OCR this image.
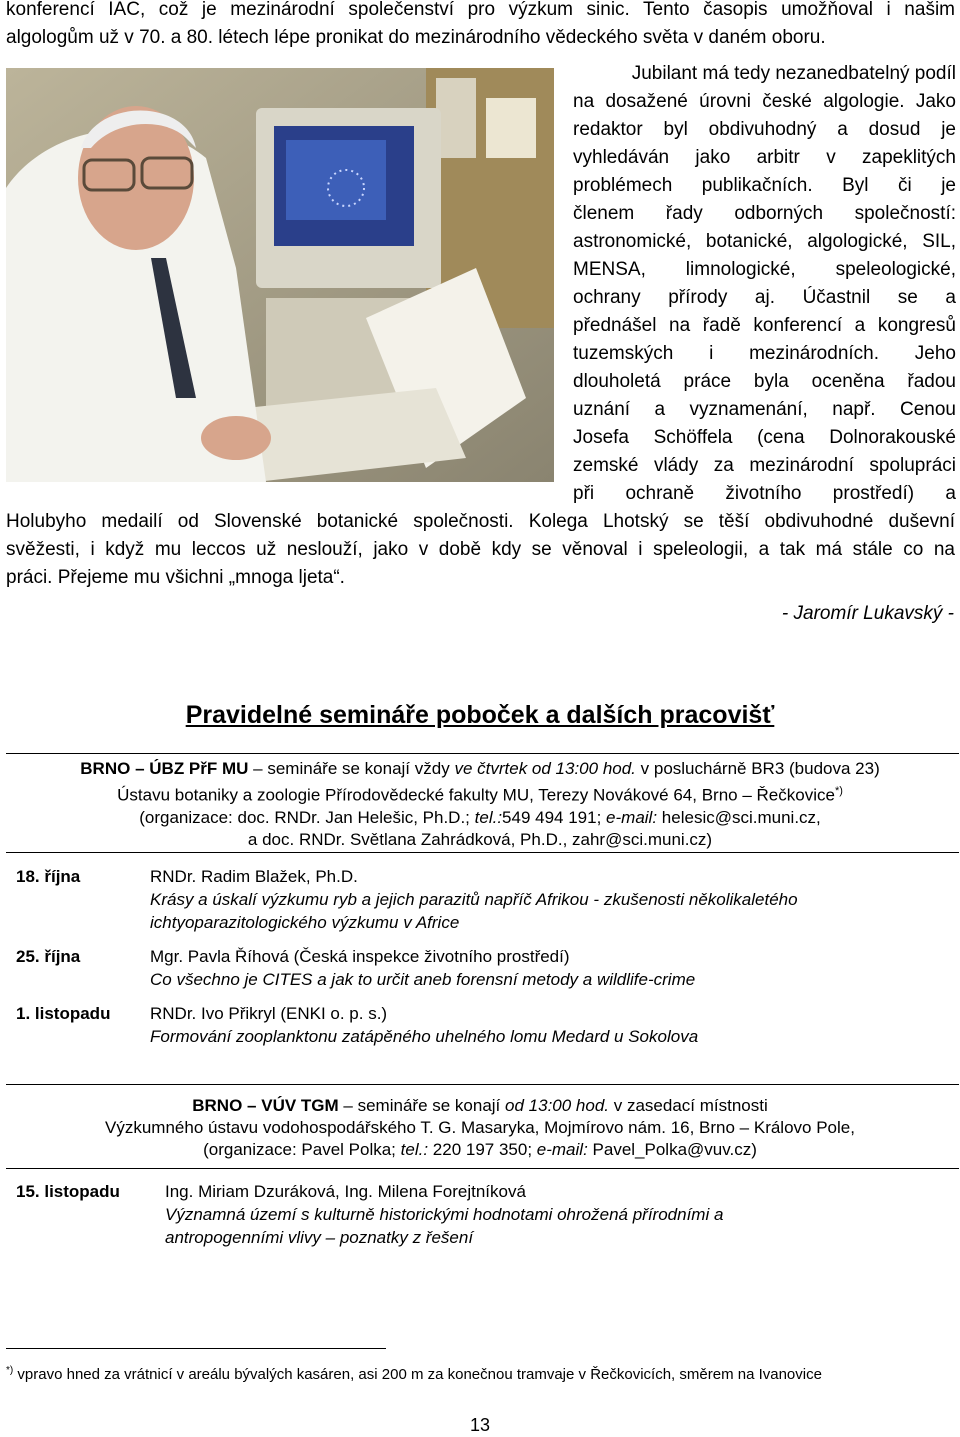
konferencí IAC, což je mezinárodní společenství pro výzkum sinic. Tento časopis umožňoval i našim

algologům už v 70. a 80. létech lépe pronikat do mezinárodního vědeckého světa v daném oboru.

Jubilant má tedy nezanedbatelný podíl

na dosažené úrovni české algologie. Jako

redaktor byl obdivuhodný a dosud je

vyhledáván jako arbitr v zapeklitých

problémech publikačních. Byl či je

členem řady odborných společností:

astronomické, botanické, algologické, SIL,

MENSA, limnologické, speleologické,

ochrany přírody aj. Účastnil se a

přednášel na řadě konferencí a kongresů

tuzemských i mezinárodních. Jeho

dlouholetá práce byla oceněna řadou

uznání a vyznamenání, např. Cenou

Josefa Schöffela (cena Dolnorakouské

zemské vlády za mezinárodní spolupráci

při ochraně životního prostředí) a

Holubyho medailí od Slovenské botanické společnosti. Kolega Lhotský se těší obdivuhodné duševní

svěžesti, i když mu leccos už neslouží, jako v době kdy se věnoval i speleologii, a tak má stále co na

práci. Přejeme mu všichni „mnoga ljeta“.

- Jaromír Lukavský -

Pravidelné semináře poboček a dalších pracovišť
BRNO – ÚBZ PřF MU – semináře se konají vždy ve čtvrtek od 13:00 hod. v posluchárně BR3 (budova 23)
Ústavu botaniky a zoologie Přírodovědecké fakulty MU, Terezy Novákové 64, Brno – Řečkovice*)
(organizace: doc. RNDr. Jan Helešic, Ph.D.; tel.:549 494 191; e-mail: helesic@sci.muni.cz,
a doc. RNDr. Světlana Zahrádková, Ph.D., zahr@sci.muni.cz)
18. října	RNDr. Radim Blažek, Ph.D.
Krásy a úskalí výzkumu ryb a jejich parazitů napříč Afrikou - zkušenosti několikaletého
ichtyoparazitologického výzkumu v Africe
25. října	Mgr. Pavla Říhová (Česká inspekce životního prostředí)
Co všechno je CITES a jak to určit aneb forensní metody a wildlife-crime
1. listopadu RNDr. Ivo Přikryl (ENKI o. p. s.)
Formování zooplanktonu zatápěného uhelného lomu Medard u Sokolova
BRNO – VÚV TGM – semináře se konají od 13:00 hod. v zasedací místnosti
Výzkumného ústavu vodohospodářského T. G. Masaryka, Mojmírovo nám. 16, Brno – Královo Pole,
(organizace: Pavel Polka; tel.: 220 197 350; e-mail: Pavel_Polka@vuv.cz)
15. listopadu	Ing. Miriam Dzuráková, Ing. Milena Forejtníková
Významná území s kulturně historickými hodnotami ohrožená přírodními a
antropogenními vlivy – poznatky z řešení
*) vpravo hned za vrátnicí v areálu bývalých kasáren, asi 200 m za konečnou tramvaje v Řečkovicích, směrem na Ivanovice
13
